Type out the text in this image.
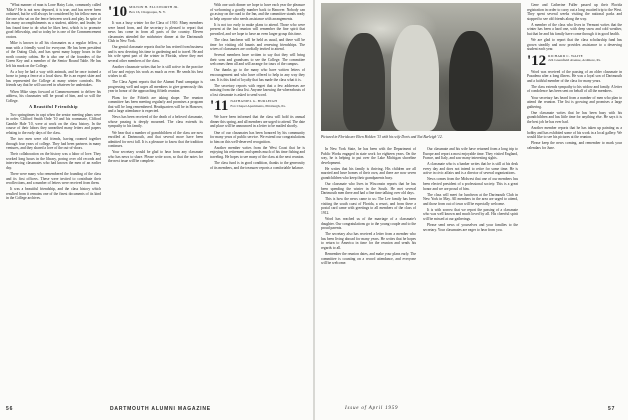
"What manner of man is Lone Hairy Loin, commonly called 'Mike'? He is not now deposed, it is true, and has never been ordained, but he will always be considered by his fellow men as the one who sat on the fence between work and play. In spite of his many accomplishments as a student, athlete, and leader, he has found time to do what he likes best, which is to promote good fellowship, and so today he is one of the Commencement orators.

Mike is known to all his classmates as a regular fellow, a man with a friendly word for everyone. He has been president of the Outing Club, and has spent many happy hours in the north country cabins. He is also one of the founders of the Green Key and a member of the Senior Round Table. He has left his mark on the College.

As a boy he had a way with animals, and he once trained a horse to jump a fence at a local show. He is an expert skier and has represented the College at many winter carnivals. His friends say that he will succeed in whatever he undertakes.

When Mike steps forward at Commencement to deliver his address, his classmates will be proud of him, and so will the College.

A Beautiful Friendship

Two springtimes in rapt when the senior meeting plans were in order. Clifford Smith Orde '10 and his roommate, Clifford Gamble Hale '10, were at work on the class history. In the course of their labors they unearthed many letters and papers relating to the early days of the class.

The two men were old friends, having roomed together through four years of college. They had been partners in many ventures, and they shared a love of the out-of-doors.

Their collaboration on the history was a labor of love. They worked long hours in the library, poring over old records and interviewing classmates who had known the men of an earlier day.

There were many who remembered the founding of the class and its first officers. These were invited to contribute their recollections, and a number of letters were received from them.

It was a beautiful friendship, and the class history which resulted from it remains one of the finest documents of its kind in the College archives.

'10 MILTON H. ELLSWORTH JR.
Box 16, Chappaqua, N. Y.

It was a busy winter for the Class of 1910. Many members were heard from, and the secretary is pleased to report that news has come in from all parts of the country. Eleven classmates attended the midwinter dinner at the Dartmouth Club in New York.

Our genial classmate reports that he has retired from business and is now devoting his time to gardening and to travel. He and his wife spent part of the winter in Florida, where they met several other members of the class.

Another classmate writes that he is still active in the practice of law and enjoys his work as much as ever. He sends his best wishes to all.

The Class Agent reports that the Alumni Fund campaign is progressing well and urges all members to give generously this year in honor of the approaching fiftieth reunion.

Plans for the Fiftieth are taking shape. The reunion committee has been meeting regularly and promises a program that will be long remembered. Headquarters will be in Hanover, and a large attendance is expected.

News has been received of the death of a beloved classmate, whose passing is deeply mourned. The class extends its sympathy to his family.

We hear that a number of grandchildren of the class are now enrolled at Dartmouth, and that several more have been admitted for next fall. It is a pleasure to know that the tradition continues.

Your secretary would be glad to hear from any classmate who has news to share. Please write soon, so that the notes for the next issue will be complete.

With one such dinner we hope to have each year the pleasure of welcoming a goodly number back to Hanover. Nobody can go astray on the road to the Inn, and the committee stands ready to help anyone who needs assistance with arrangements.

It is not too early to make plans to attend. Those who were present at the last reunion will remember the fine spirit that prevailed, and we hope to have an even larger group this time.

The class luncheon will be held as usual, and there will be time for visiting old haunts and renewing friendships. The wives of classmates are cordially invited to attend.

Several members have written to say that they will bring their sons and grandsons to see the College. The committee welcomes them all and will arrange for tours of the campus.

Our thanks go to the many who have written letters of encouragement and who have offered to help in any way they can. It is this kind of loyalty that has made the class what it is.

The secretary reports with regret that a few addresses are missing from the class list. Anyone knowing the whereabouts of a lost classmate is asked to send word.

'11 NATHANIEL G. BURLEIGH
Fox Chapel Apartments, Pittsburgh, Pa.

We have been informed that the class will hold its annual dinner this spring, and all members are urged to attend. The date and place will be announced in a letter to be mailed shortly.

One of our classmates has been honored by his community for many years of public service. We extend our congratulations to him on this well-deserved recognition.

Another member writes from the West Coast that he is enjoying his retirement and spends much of his time fishing and traveling. He hopes to see many of the class at the next reunion.

The class fund is in good condition, thanks to the generosity of its members, and the treasurer reports a comfortable balance.

Pictured in Florida are Eben Holden '13 with his wife Doris and Nat Burleigh '12.

In New York State, he has been with the Department of Public Works engaged in state work for eighteen years. On the way, he is helping to put over the Lake Michigan shoreline development.

He writes that his family is thriving. His children are all married and have homes of their own, and there are now seven grandchildren who keep their grandparents busy.

Our classmate who lives in Wisconsin reports that he has been spending the winter in the South. He met several Dartmouth men there and had a fine time talking over old days.

This is how the news came to us: The Lee family has been visiting the south coast of Florida, a resort, and from there a postal card came with greetings to all members of the class of 1912.

Word has reached us of the marriage of a classmate's daughter. Our congratulations go to the young couple and to the proud parents.

The secretary also has received a letter from a member who has been living abroad for many years. He writes that he hopes to return to America in time for the reunion and sends his regards to all.

Remember the reunion dates, and make your plans early. The committee is counting on a record attendance, and everyone will be welcome.

Our classmate and his wife have returned from a long trip to Europe and report a most enjoyable time. They visited England, France, and Italy, and saw many interesting sights.

A classmate who is a banker writes that he is still at his desk every day and does not intend to retire for some time. He is active in civic affairs and is a director of several organizations.

News comes from the Midwest that one of our members has been elected president of a professional society. This is a great honor and we are proud of him.

The class will meet for luncheon at the Dartmouth Club in New York in May. All members in the area are urged to attend, and those from out of town will be especially welcome.

It is with sorrow that we report the passing of a classmate who was well known and much loved by all. His cheerful spirit will be missed at our gatherings.

Please send news of yourselves and your families to the secretary. Your classmates are eager to hear from you.

Gene and Catherine Fuller passed up their Florida registration in order to carry out a long awaited trip to the West. They spent several weeks visiting the national parks and stopped to see old friends along the way.

A member of the class who lives in Vermont writes that the winter has been a hard one, with deep snow and cold weather, but that he and his family have come through it in good health.

We are glad to report that the class scholarship fund has grown steadily and now provides assistance to a deserving student each year.

'12 RICHARD C. WAITE
224 Greenfield Avenue, Ardmore, Pa.

Word was received of the passing of an older classmate in Pasadena after a long illness. He was a loyal son of Dartmouth and a faithful member of the class for many years.

The class extends sympathy to his widow and family. A letter of condolence has been sent on behalf of all the members.

Your secretary has heard from a number of men who plan to attend the reunion. The list is growing and promises a large gathering.

One classmate writes that he has been busy with his grandchildren and has little time for anything else. He says it is the best job he has ever had.

Another member reports that he has taken up painting as a hobby and has exhibited some of his work in a local gallery. We would like to see his pictures at the reunion.

Please keep the news coming, and remember to mark your calendars for June.

56	DARTMOUTH ALUMNI MAGAZINE	Issue of April 1959	57
